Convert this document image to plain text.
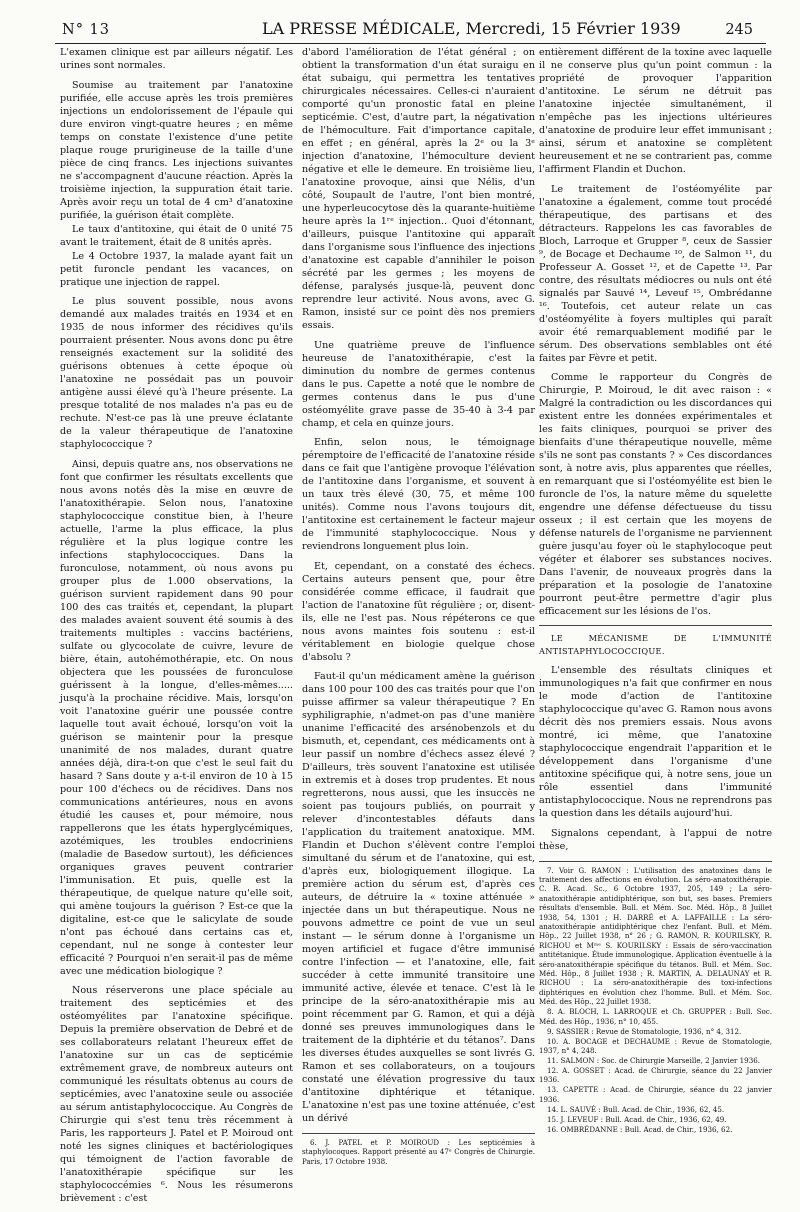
N° 13	LA PRESSE MÉDICALE, Mercredi, 15 Février 1939	245

L'examen clinique est par ailleurs négatif. Les urines sont normales.

Soumise au traitement par l'anatoxine purifiée, elle accuse après les trois premières injections un endolorissement de l'épaule qui dure environ vingt-quatre heures ; en même temps on constate l'existence d'une petite plaque rouge prurigineuse de la taille d'une pièce de cinq francs. Les injections suivantes ne s'accompagnent d'aucune réaction. Après la troisième injection, la suppuration était tarie. Après avoir reçu un total de 4 cm³ d'anatoxine purifiée, la guérison était complète.

Le taux d'antitoxine, qui était de 0 unité 75 avant le traitement, était de 8 unités après.

Le 4 Octobre 1937, la malade ayant fait un petit furoncle pendant les vacances, on pratique une injection de rappel.

Le plus souvent possible, nous avons demandé aux malades traités en 1934 et en 1935 de nous informer des récidives qu'ils pourraient présenter. Nous avons donc pu être renseignés exactement sur la solidité des guérisons obtenues à cette époque où l'anatoxine ne possédait pas un pouvoir antigène aussi élevé qu'à l'heure présente. La presque totalité de nos malades n'a pas eu de rechute. N'est-ce pas là une preuve éclatante de la valeur thérapeutique de l'anatoxine staphylococcique ?

Ainsi, depuis quatre ans, nos observations ne font que confirmer les résultats excellents que nous avons notés dès la mise en œuvre de l'anatoxithérapie. Selon nous, l'anatoxine staphylococcique constitue bien, à l'heure actuelle, l'arme la plus efficace, la plus régulière et la plus logique contre les infections staphylococciques. Dans la furonculose, notamment, où nous avons pu grouper plus de 1.000 observations, la guérison survient rapidement dans 90 pour 100 des cas traités et, cependant, la plupart des malades avaient souvent été soumis à des traitements multiples : vaccins bactériens, sulfate ou glycocolate de cuivre, levure de bière, étain, autohémothérapie, etc. On nous objectera que les poussées de furonculose guérissent à la longue, d'elles-mêmes..... jusqu'à la prochaine récidive. Mais, lorsqu'on voit l'anatoxine guérir une poussée contre laquelle tout avait échoué, lorsqu'on voit la guérison se maintenir pour la presque unanimité de nos malades, durant quatre années déjà, dira-t-on que c'est le seul fait du hasard ? Sans doute y a-t-il environ de 10 à 15 pour 100 d'échecs ou de récidives. Dans nos communications antérieures, nous en avons étudié les causes et, pour mémoire, nous rappellerons que les états hyperglycémiques, azotémiques, les troubles endocriniens (maladie de Basedow surtout), les déficiences organiques graves peuvent contrarier l'immunisation. Et puis, quelle est la thérapeutique, de quelque nature qu'elle soit, qui amène toujours la guérison ? Est-ce que la digitaline, est-ce que le salicylate de soude n'ont pas échoué dans certains cas et, cependant, nul ne songe à contester leur efficacité ? Pourquoi n'en serait-il pas de même avec une médication biologique ?

Nous réserverons une place spéciale au traitement des septicémies et des ostéomyélites par l'anatoxine spécifique. Depuis la première observation de Debré et de ses collaborateurs relatant l'heureux effet de l'anatoxine sur un cas de septicémie extrêmement grave, de nombreux auteurs ont communiqué les résultats obtenus au cours de septicémies, avec l'anatoxine seule ou associée au sérum antistaphylococcique. Au Congrès de Chirurgie qui s'est tenu très récemment à Paris, les rapporteurs J. Patel et P. Moiroud ont noté les signes cliniques et bactériologiques qui témoignent de l'action favorable de l'anatoxithérapie spécifique sur les staphylococcémies ⁶. Nous les résumerons brièvement : c'est

d'abord l'amélioration de l'état général ; on obtient la transformation d'un état suraigu en état subaigu, qui permettra les tentatives chirurgicales nécessaires. Celles-ci n'auraient comporté qu'un pronostic fatal en pleine septicémie. C'est, d'autre part, la négativation de l'hémoculture. Fait d'importance capitale, en effet ; en général, après la 2ᵉ ou la 3ᵉ injection d'anatoxine, l'hémoculture devient négative et elle le demeure. En troisième lieu, l'anatoxine provoque, ainsi que Nélis, d'un côté, Soupault de l'autre, l'ont bien montré, une hyperleucocytose dès la quarante-huitième heure après la 1ʳᵉ injection.. Quoi d'étonnant, d'ailleurs, puisque l'antitoxine qui apparaît dans l'organisme sous l'influence des injections d'anatoxine est capable d'annihiler le poison sécrété par les germes ; les moyens de défense, paralysés jusque-là, peuvent donc reprendre leur activité. Nous avons, avec G. Ramon, insisté sur ce point dès nos premiers essais.

Une quatrième preuve de l'influence heureuse de l'anatoxithérapie, c'est la diminution du nombre de germes contenus dans le pus. Capette a noté que le nombre de germes contenus dans le pus d'une ostéomyélite grave passe de 35-40 à 3-4 par champ, et cela en quinze jours.

Enfin, selon nous, le témoignage péremptoire de l'efficacité de l'anatoxine réside dans ce fait que l'antigène provoque l'élévation de l'antitoxine dans l'organisme, et souvent à un taux très élevé (30, 75, et même 100 unités). Comme nous l'avons toujours dit, l'antitoxine est certainement le facteur majeur de l'immunité staphylococcique. Nous y reviendrons longuement plus loin.

Et, cependant, on a constaté des échecs. Certains auteurs pensent que, pour être considérée comme efficace, il faudrait que l'action de l'anatoxine fût régulière ; or, disent-ils, elle ne l'est pas. Nous répéterons ce que nous avons maintes fois soutenu : est-il véritablement en biologie quelque chose d'absolu ?

Faut-il qu'un médicament amène la guérison dans 100 pour 100 des cas traités pour que l'on puisse affirmer sa valeur thérapeutique ? En syphiligraphie, n'admet-on pas d'une manière unanime l'efficacité des arsénobenzols et du bismuth, et, cependant, ces médicaments ont à leur passif un nombre d'échecs assez élevé ? D'ailleurs, très souvent l'anatoxine est utilisée in extremis et à doses trop prudentes. Et nous regretterons, nous aussi, que les insuccès ne soient pas toujours publiés, on pourrait y relever d'incontestables défauts dans l'application du traitement anatoxique. MM. Flandin et Duchon s'élèvent contre l'emploi simultané du sérum et de l'anatoxine, qui est, d'après eux, biologiquement illogique. La première action du sérum est, d'après ces auteurs, de détruire la « toxine atténuée » injectée dans un but thérapeutique. Nous ne pouvons admettre ce point de vue un seul instant — le sérum donne à l'organisme un moyen artificiel et fugace d'être immunisé contre l'infection — et l'anatoxine, elle, fait succéder à cette immunité transitoire une immunité active, élevée et tenace. C'est là le principe de la séro-anatoxithérapie mis au point récemment par G. Ramon, et qui a déjà donné ses preuves immunologiques dans le traitement de la diphtérie et du tétanos⁷. Dans les diverses études auxquelles se sont livrés G. Ramon et ses collaborateurs, on a toujours constaté une élévation progressive du taux d'antitoxine diphtérique et tétanique. L'anatoxine n'est pas une toxine atténuée, c'est un dérivé

6. J. PATEL et P. MOIROUD : Les septicémies à staphylocoques. Rapport présenté au 47ᵉ Congrès de Chirurgie. Paris, 17 Octobre 1938.

entièrement différent de la toxine avec laquelle il ne conserve plus qu'un point commun : la propriété de provoquer l'apparition d'antitoxine. Le sérum ne détruit pas l'anatoxine injectée simultanément, il n'empêche pas les injections ultérieures d'anatoxine de produire leur effet immunisant ; ainsi, sérum et anatoxine se complètent heureusement et ne se contrarient pas, comme l'affirment Flandin et Duchon.

Le traitement de l'ostéomyélite par l'anatoxine a également, comme tout procédé thérapeutique, des partisans et des détracteurs. Rappelons les cas favorables de Bloch, Larroque et Grupper ⁸, ceux de Sassier ⁹, de Bocage et Dechaume ¹⁰, de Salmon ¹¹, du Professeur A. Gosset ¹², et de Capette ¹³. Par contre, des résultats médiocres ou nuls ont été signalés par Sauvé ¹⁴, Leveuf ¹⁵, Ombrédanne ¹⁶. Toutefois, cet auteur relate un cas d'ostéomyélite à foyers multiples qui paraît avoir été remarquablement modifié par le sérum. Des observations semblables ont été faites par Fèvre et petit.

Comme le rapporteur du Congrès de Chirurgie, P. Moiroud, le dit avec raison : « Malgré la contradiction ou les discordances qui existent entre les données expérimentales et les faits cliniques, pourquoi se priver des bienfaits d'une thérapeutique nouvelle, même s'ils ne sont pas constants ? » Ces discordances sont, à notre avis, plus apparentes que réelles, en remarquant que si l'ostéomyélite est bien le furoncle de l'os, la nature même du squelette engendre une défense défectueuse du tissu osseux ; il est certain que les moyens de défense naturels de l'organisme ne parviennent guère jusqu'au foyer où le staphylocoque peut végéter et élaborer ses substances nocives. Dans l'avenir, de nouveaux progrès dans la préparation et la posologie de l'anatoxine pourront peut-être permettre d'agir plus efficacement sur les lésions de l'os.

LE MÉCANISME DE L'IMMUNITÉ ANTISTAPHYLOCOCCIQUE.

L'ensemble des résultats cliniques et immunologiques n'a fait que confirmer en nous le mode d'action de l'antitoxine staphylococcique qu'avec G. Ramon nous avons décrit dès nos premiers essais. Nous avons montré, ici même, que l'anatoxine staphylococcique engendrait l'apparition et le développement dans l'organisme d'une antitoxine spécifique qui, à notre sens, joue un rôle essentiel dans l'immunité antistaphylococcique. Nous ne reprendrons pas la question dans les détails aujourd'hui.

Signalons cependant, à l'appui de notre thèse,

7. Voir G. RAMON : L'utilisation des anatoxines dans le traitement des affections en évolution. La séro-anatoxithérapie. C. R. Acad. Sc., 6 Octobre 1937, 205, 149 ; La séro-anatoxithérapie antidiphtérique, son but, ses bases. Premiers résultats d'ensemble. Bull. et Mém. Soc. Méd. Hôp., 8 Juillet 1938, 54, 1301 ; H. DARRÉ et A. LAFFAILLE : La séro-anatoxithérapie antidiphtérique chez l'enfant. Bull. et Mém. Hôp., 22 Juillet 1938, n° 26 ; G. RAMON, R. KOURILSKY, R. RICHOU et Mᵐᵉ S. KOURILSKY : Essais de séro-vaccination antitétanique. Étude immunologique. Application éventuelle à la séro-anatoxithérapie spécifique du tétanos. Bull. et Mém. Soc. Méd. Hôp., 8 Juillet 1938 ; R. MARTIN, A. DELAUNAY et R. RICHOU : La séro-anatoxithérapie des toxi-infections diphtériques en évolution chez l'homme. Bull. et Mém. Soc. Méd. des Hôp., 22 Juillet 1938.
8. A. BLOCH, L. LARROQUE et Ch. GRUPPER : Bull. Soc. Méd. des Hôp., 1936, n° 10, 455.
9. SASSIER : Revue de Stomatologie, 1936, n° 4, 312.
10. A. BOCAGE et DECHAUME : Revue de Stomatologie, 1937, n° 4, 248.
11. SALMON : Soc. de Chirurgie Marseille, 2 Janvier 1936.
12. A. GOSSET : Acad. de Chirurgie, séance du 22 Janvier 1936.
13. CAPETTE : Acad. de Chirurgie, séance du 22 janvier 1936.
14. L. SAUVÉ : Bull. Acad. de Chir., 1936, 62, 45.
15. J. LEVEUF : Bull. Acad. de Chir., 1936, 62, 49.
16. OMBRÉDANNE : Bull. Acad. de Chir., 1936, 62.
